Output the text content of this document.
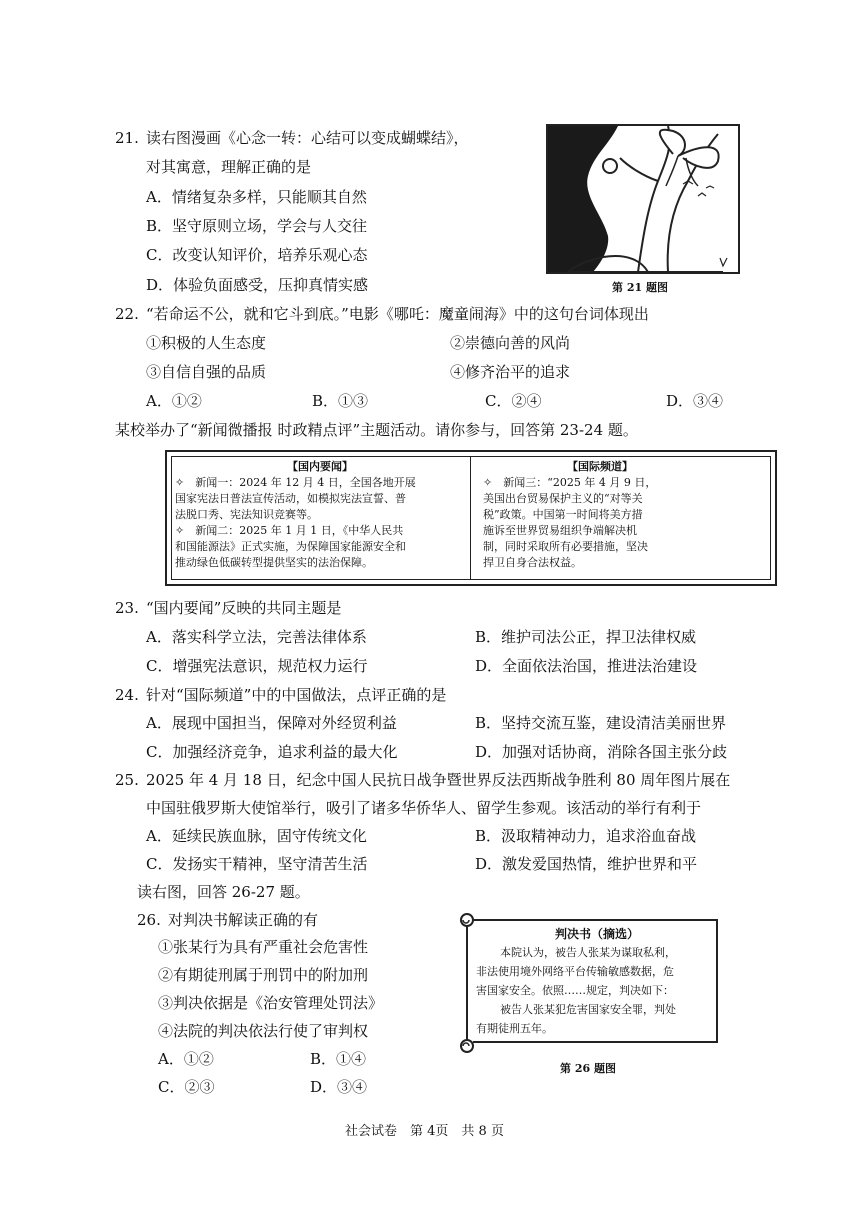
21. 读右图漫画《心念一转：心结可以变成蝴蝶结》，
对其寓意，理解正确的是
A．情绪复杂多样，只能顺其自然
B．坚守原则立场，学会与人交往
C．改变认知评价，培养乐观心态
D．体验负面感受，压抑真情实感	第 21 题图
22. “若命运不公，就和它斗到底。”电影《哪吒：魔童闹海》中的这句台词体现出
①积极的人生态度	②崇德向善的风尚
③自信自强的品质	④修齐治平的追求
A．①②	B．①③	C．②④	D．③④
某校举办了“新闻微播报 时政精点评”主题活动。请你参与，回答第 23-24 题。
【国内要闻】
✧　新闻一：2024 年 12 月 4 日，全国各地开展
国家宪法日普法宣传活动，如模拟宪法宣誓、普
法脱口秀、宪法知识竞赛等。
✧　新闻二：2025 年 1 月 1 日，《中华人民共
和国能源法》正式实施，为保障国家能源安全和
推动绿色低碳转型提供坚实的法治保障。
【国际频道】
✧　新闻三：“2025 年 4 月 9 日，
美国出台贸易保护主义的“对等关
税”政策。中国第一时间将美方措
施诉至世界贸易组织争端解决机
制，同时采取所有必要措施，坚决
捍卫自身合法权益。
23. “国内要闻”反映的共同主题是
A．落实科学立法，完善法律体系	B．维护司法公正，捍卫法律权威
C．增强宪法意识，规范权力运行	D．全面依法治国，推进法治建设
24. 针对“国际频道”中的中国做法，点评正确的是
A．展现中国担当，保障对外经贸利益	B．坚持交流互鉴，建设清洁美丽世界
C．加强经济竞争，追求利益的最大化	D．加强对话协商，消除各国主张分歧
25. 2025 年 4 月 18 日，纪念中国人民抗日战争暨世界反法西斯战争胜利 80 周年图片展在
中国驻俄罗斯大使馆举行，吸引了诸多华侨华人、留学生参观。该活动的举行有利于
A．延续民族血脉，固守传统文化	B．汲取精神动力，追求浴血奋战
C．发扬实干精神，坚守清苦生活	D．激发爱国热情，维护世界和平
读右图，回答 26-27 题。
26. 对判决书解读正确的有
①张某行为具有严重社会危害性
②有期徒刑属于刑罚中的附加刑
③判决依据是《治安管理处罚法》
④法院的判决依法行使了审判权
A．①②	B．①④
C．②③	D．③④
判决书（摘选）
本院认为，被告人张某为谋取私利，
非法使用境外网络平台传输敏感数据，危
害国家安全。依照……规定，判决如下：
被告人张某犯危害国家安全罪，判处
有期徒刑五年。
第 26 题图
社会试卷　第 4页　共 8 页
